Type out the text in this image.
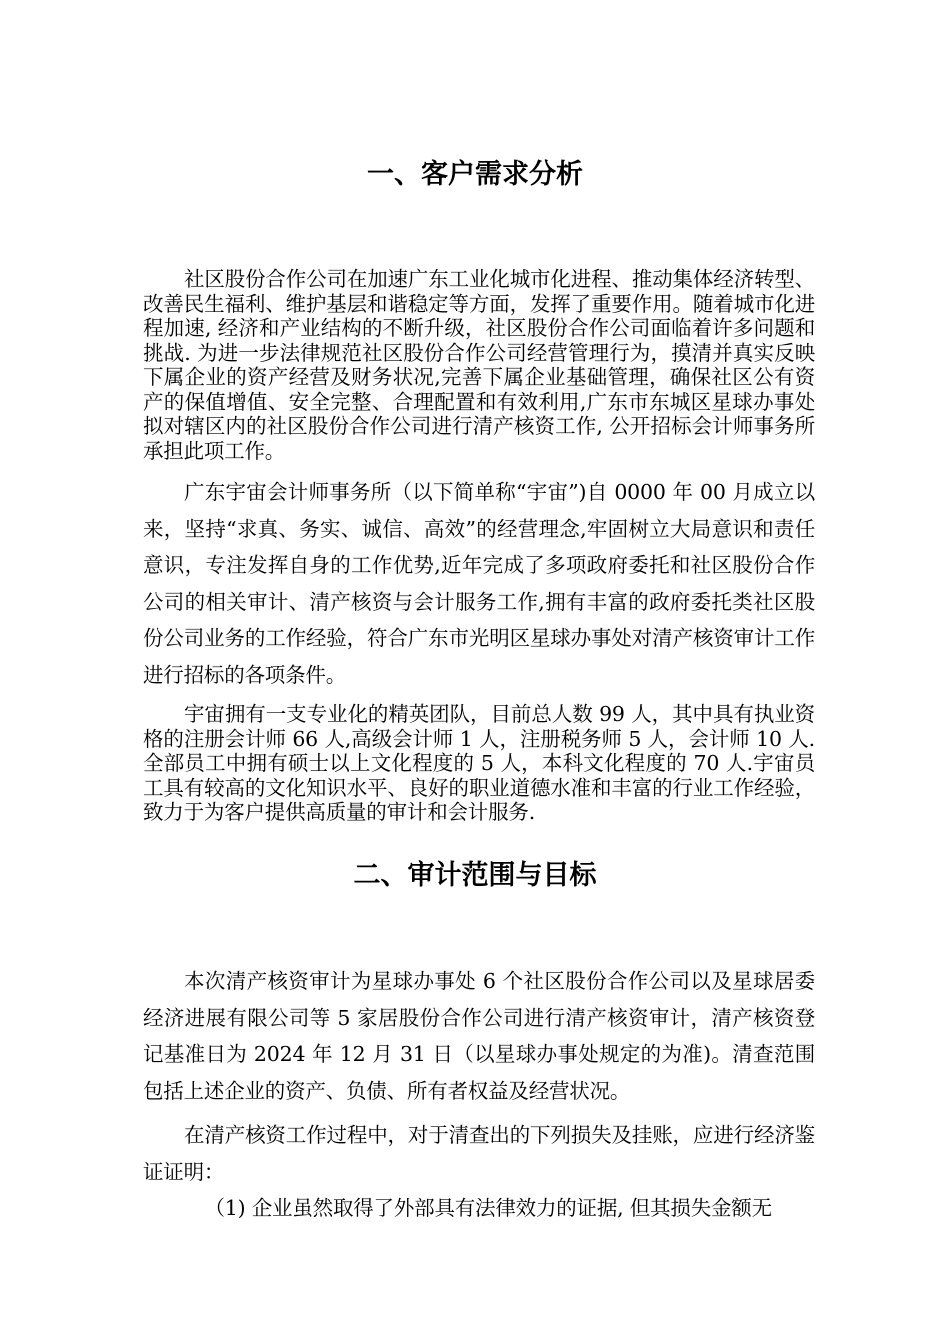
一、客户需求分析

社区股份合作公司在加速广东工业化城市化进程、推动集体经济转型、改善民生福利、维护基层和谐稳定等方面，发挥了重要作用。随着城市化进程加速, 经济和产业结构的不断升级，社区股份合作公司面临着许多问题和挑战. 为进一步法律规范社区股份合作公司经营管理行为，摸清并真实反映下属企业的资产经营及财务状况,完善下属企业基础管理，确保社区公有资产的保值增值、安全完整、合理配置和有效利用,广东市东城区星球办事处拟对辖区内的社区股份合作公司进行清产核资工作, 公开招标会计师事务所承担此项工作。

广东宇宙会计师事务所（以下简单称“宇宙”)自 0000 年 00 月成立以来，坚持“求真、务实、诚信、高效”的经营理念,牢固树立大局意识和责任意识，专注发挥自身的工作优势,近年完成了多项政府委托和社区股份合作公司的相关审计、清产核资与会计服务工作,拥有丰富的政府委托类社区股份公司业务的工作经验，符合广东市光明区星球办事处对清产核资审计工作进行招标的各项条件。

宇宙拥有一支专业化的精英团队，目前总人数 99 人，其中具有执业资格的注册会计师 66 人,高级会计师 1 人，注册税务师 5 人，会计师 10 人.全部员工中拥有硕士以上文化程度的 5 人，本科文化程度的 70 人.宇宙员工具有较高的文化知识水平、良好的职业道德水准和丰富的行业工作经验，致力于为客户提供高质量的审计和会计服务.

二、审计范围与目标

本次清产核资审计为星球办事处 6 个社区股份合作公司以及星球居委经济进展有限公司等 5 家居股份合作公司进行清产核资审计，清产核资登记基准日为 2024 年 12 月 31 日（以星球办事处规定的为准)。清查范围包括上述企业的资产、负债、所有者权益及经营状况。

在清产核资工作过程中，对于清查出的下列损失及挂账，应进行经济鉴证证明：

（1) 企业虽然取得了外部具有法律效力的证据, 但其损失金额无
